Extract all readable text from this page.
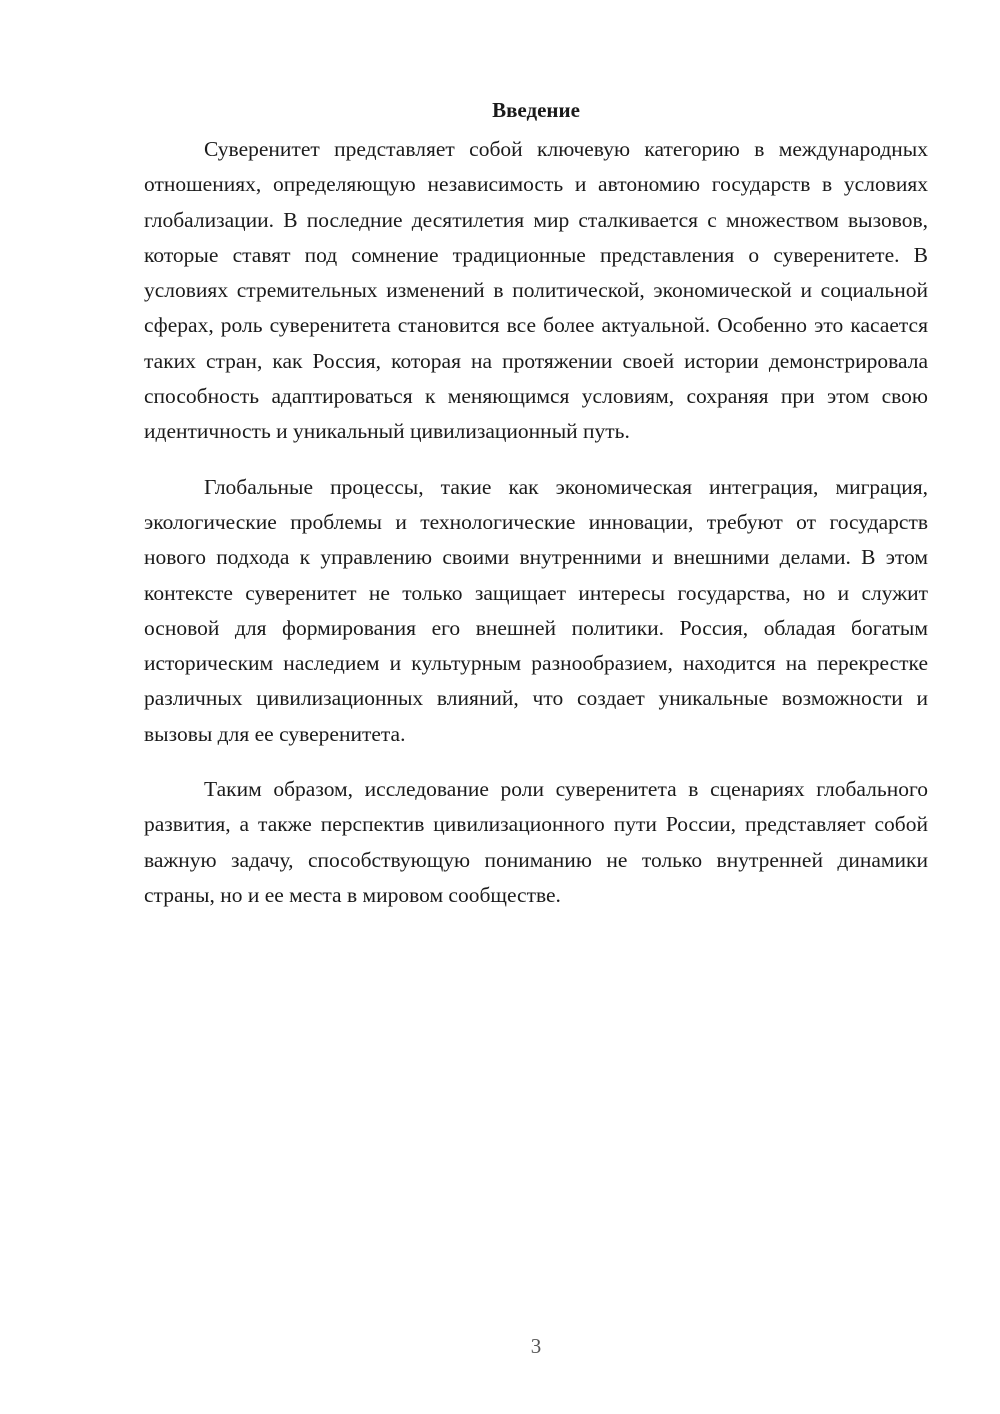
Введение

Суверенитет представляет собой ключевую категорию в международных отношениях, определяющую независимость и автономию государств в условиях глобализации. В последние десятилетия мир сталкивается с множеством вызовов, которые ставят под сомнение традиционные представления о суверенитете. В условиях стремительных изменений в политической, экономической и социальной сферах, роль суверенитета становится все более актуальной. Особенно это касается таких стран, как Россия, которая на протяжении своей истории демонстрировала способность адаптироваться к меняющимся условиям, сохраняя при этом свою идентичность и уникальный цивилизационный путь.

Глобальные процессы, такие как экономическая интеграция, миграция, экологические проблемы и технологические инновации, требуют от государств нового подхода к управлению своими внутренними и внешними делами. В этом контексте суверенитет не только защищает интересы государства, но и служит основой для формирования его внешней политики. Россия, обладая богатым историческим наследием и культурным разнообразием, находится на перекрестке различных цивилизационных влияний, что создает уникальные возможности и вызовы для ее суверенитета.

Таким образом, исследование роли суверенитета в сценариях глобального развития, а также перспектив цивилизационного пути России, представляет собой важную задачу, способствующую пониманию не только внутренней динамики страны, но и ее места в мировом сообществе.

3
